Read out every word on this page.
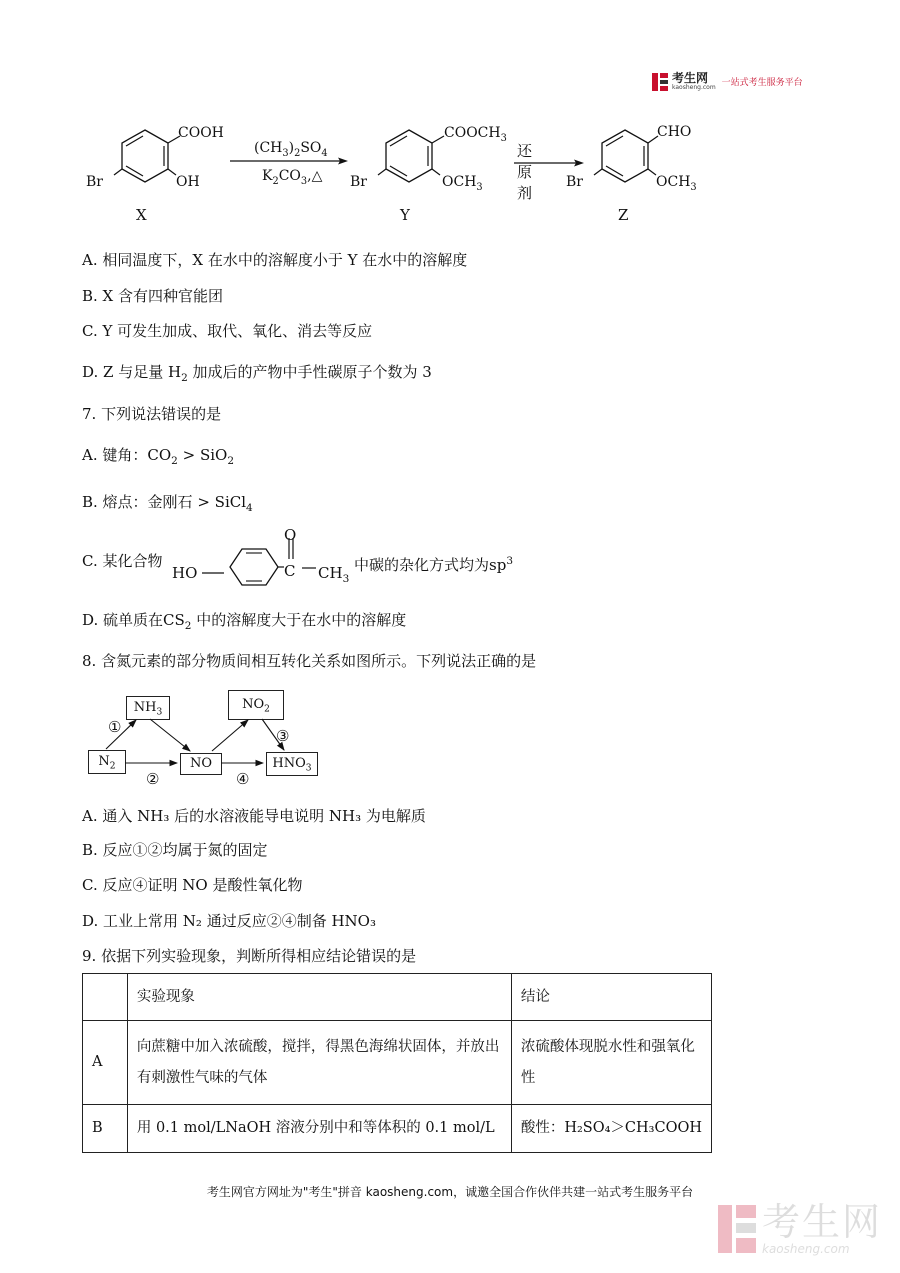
考生网
kaosheng.com 一站式考生服务平台
COOH
OH
Br
X
$(CH_3)_2SO_4$
$K_2CO_3,\triangle$
$COOCH_3$
$OCH_3$
Br
Y
还原剂
CHO
$OCH_3$
Br
Z
A. 相同温度下，X 在水中的溶解度小于 Y 在水中的溶解度
B. X 含有四种官能团
C. Y 可发生加成、取代、氧化、消去等反应
D. Z 与足量 $H_2$ 加成后的产物中手性碳原子个数为 3
7. 下列说法错误的是
A. 键角：$CO_2 > SiO_2$
B. 熔点：金刚石 > SiCl$_4$
C. 某化合物
HO
O
C $CH_3$
中碳的杂化方式均为$sp^3$
D. 硫单质在$CS_2$ 中的溶解度大于在水中的溶解度
8. 含氮元素的部分物质间相互转化关系如图所示。下列说法正确的是
$NH_3$
$NO_2$
$N_2$	NO	$HNO_3$
①
②
③
④
A. 通入 NH₃ 后的水溶液能导电说明 NH₃ 为电解质
B. 反应①②均属于氮的固定
C. 反应④证明 NO 是酸性氧化物
D. 工业上常用 N₂ 通过反应②④制备 HNO₃
9. 依据下列实验现象，判断所得相应结论错误的是
	实验现象	结论
A	向蔗糖中加入浓硫酸，搅拌，得黑色海绵状固体，并放出有刺激性气味的气体	浓硫酸体现脱水性和强氧化性
B	用 0.1 mol/LNaOH 溶液分别中和等体积的 0.1 mol/L	酸性：H₂SO₄＞CH₃COOH
考生网官方网址为"考生"拼音 kaosheng.com，诚邀全国合作伙伴共建一站式考生服务平台
考生网
kaosheng.com
